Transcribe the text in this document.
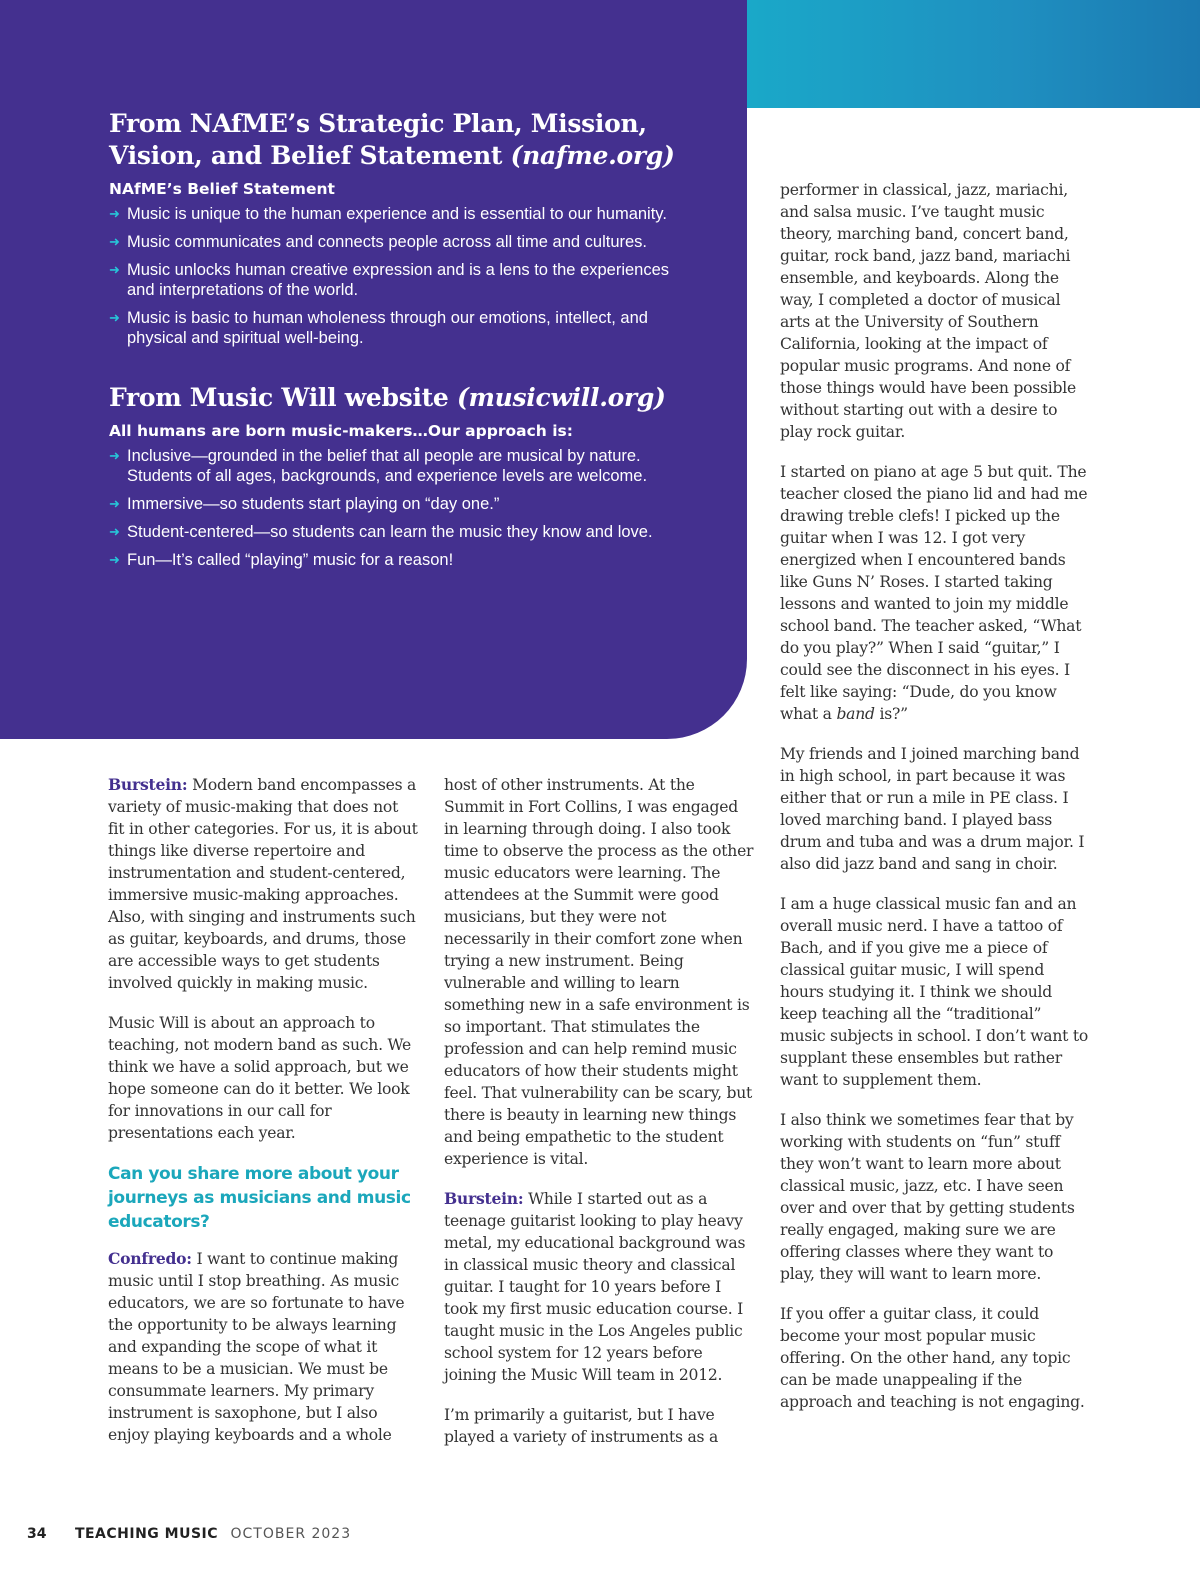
From NAfME’s Strategic Plan, Mission, Vision, and Belief Statement (nafme.org)
NAfME’s Belief Statement
➜ Music is unique to the human experience and is essential to our humanity.
➜ Music communicates and connects people across all time and cultures.
➜ Music unlocks human creative expression and is a lens to the experiences and interpretations of the world.
➜ Music is basic to human wholeness through our emotions, intellect, and physical and spiritual well-being.
From Music Will website (musicwill.org)
All humans are born music-makers…Our approach is:
➜ Inclusive—grounded in the belief that all people are musical by nature. Students of all ages, backgrounds, and experience levels are welcome.
➜ Immersive—so students start playing on “day one.”
➜ Student-centered—so students can learn the music they know and love.
➜ Fun—It’s called “playing” music for a reason!

Burstein: Modern band encompasses a variety of music-making that does not fit in other categories. For us, it is about things like diverse repertoire and instrumentation and student-centered, immersive music-making approaches. Also, with singing and instruments such as guitar, keyboards, and drums, those are accessible ways to get students involved quickly in making music.

Music Will is about an approach to teaching, not modern band as such. We think we have a solid approach, but we hope someone can do it better. We look for innovations in our call for presentations each year.

Can you share more about your journeys as musicians and music educators?

Confredo: I want to continue making music until I stop breathing. As music educators, we are so fortunate to have the opportunity to be always learning and expanding the scope of what it means to be a musician. We must be consummate learners. My primary instrument is saxophone, but I also enjoy playing keyboards and a whole

host of other instruments. At the Summit in Fort Collins, I was engaged in learning through doing. I also took time to observe the process as the other music educators were learning. The attendees at the Summit were good musicians, but they were not necessarily in their comfort zone when trying a new instrument. Being vulnerable and willing to learn something new in a safe environment is so important. That stimulates the profession and can help remind music educators of how their students might feel. That vulnerability can be scary, but there is beauty in learning new things and being empathetic to the student experience is vital.

Burstein: While I started out as a teenage guitarist looking to play heavy metal, my educational background was in classical music theory and classical guitar. I taught for 10 years before I took my first music education course. I taught music in the Los Angeles public school system for 12 years before joining the Music Will team in 2012.

I’m primarily a guitarist, but I have played a variety of instruments as a

performer in classical, jazz, mariachi, and salsa music. I’ve taught music theory, marching band, concert band, guitar, rock band, jazz band, mariachi ensemble, and keyboards. Along the way, I completed a doctor of musical arts at the University of Southern California, looking at the impact of popular music programs. And none of those things would have been possible without starting out with a desire to play rock guitar.

I started on piano at age 5 but quit. The teacher closed the piano lid and had me drawing treble clefs! I picked up the guitar when I was 12. I got very energized when I encountered bands like Guns N’ Roses. I started taking lessons and wanted to join my middle school band. The teacher asked, “What do you play?” When I said “guitar,” I could see the disconnect in his eyes. I felt like saying: “Dude, do you know what a band is?”

My friends and I joined marching band in high school, in part because it was either that or run a mile in PE class. I loved marching band. I played bass drum and tuba and was a drum major. I also did jazz band and sang in choir.

I am a huge classical music fan and an overall music nerd. I have a tattoo of Bach, and if you give me a piece of classical guitar music, I will spend hours studying it. I think we should keep teaching all the “traditional” music subjects in school. I don’t want to supplant these ensembles but rather want to supplement them.

I also think we sometimes fear that by working with students on “fun” stuff they won’t want to learn more about classical music, jazz, etc. I have seen over and over that by getting students really engaged, making sure we are offering classes where they want to play, they will want to learn more.

If you offer a guitar class, it could become your most popular music offering. On the other hand, any topic can be made unappealing if the approach and teaching is not engaging.

34 TEACHING MUSIC OCTOBER 2023
